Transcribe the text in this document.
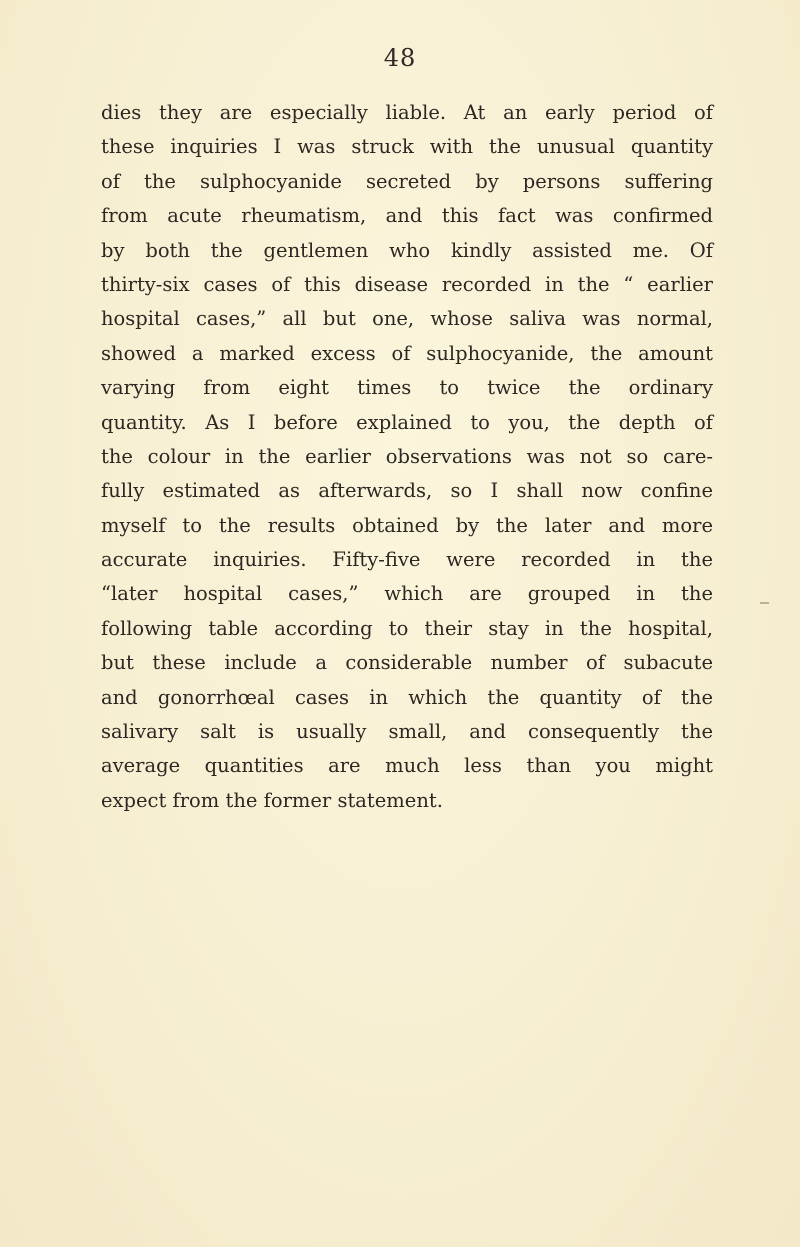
48
dies they are especially liable. At an early period of
these inquiries I was struck with the unusual quantity
of the sulphocyanide secreted by persons suffering
from acute rheumatism, and this fact was confirmed
by both the gentlemen who kindly assisted me. Of
thirty-six cases of this disease recorded in the “ earlier
hospital cases,” all but one, whose saliva was normal,
showed a marked excess of sulphocyanide, the amount
varying from eight times to twice the ordinary
quantity. As I before explained to you, the depth of
the colour in the earlier observations was not so care-
fully estimated as afterwards, so I shall now confine
myself to the results obtained by the later and more
accurate inquiries. Fifty-five were recorded in the
“later hospital cases,” which are grouped in the
following table according to their stay in the hospital,
but these include a considerable number of subacute
and gonorrhœal cases in which the quantity of the
salivary salt is usually small, and consequently the
average quantities are much less than you might
expect from the former statement.
